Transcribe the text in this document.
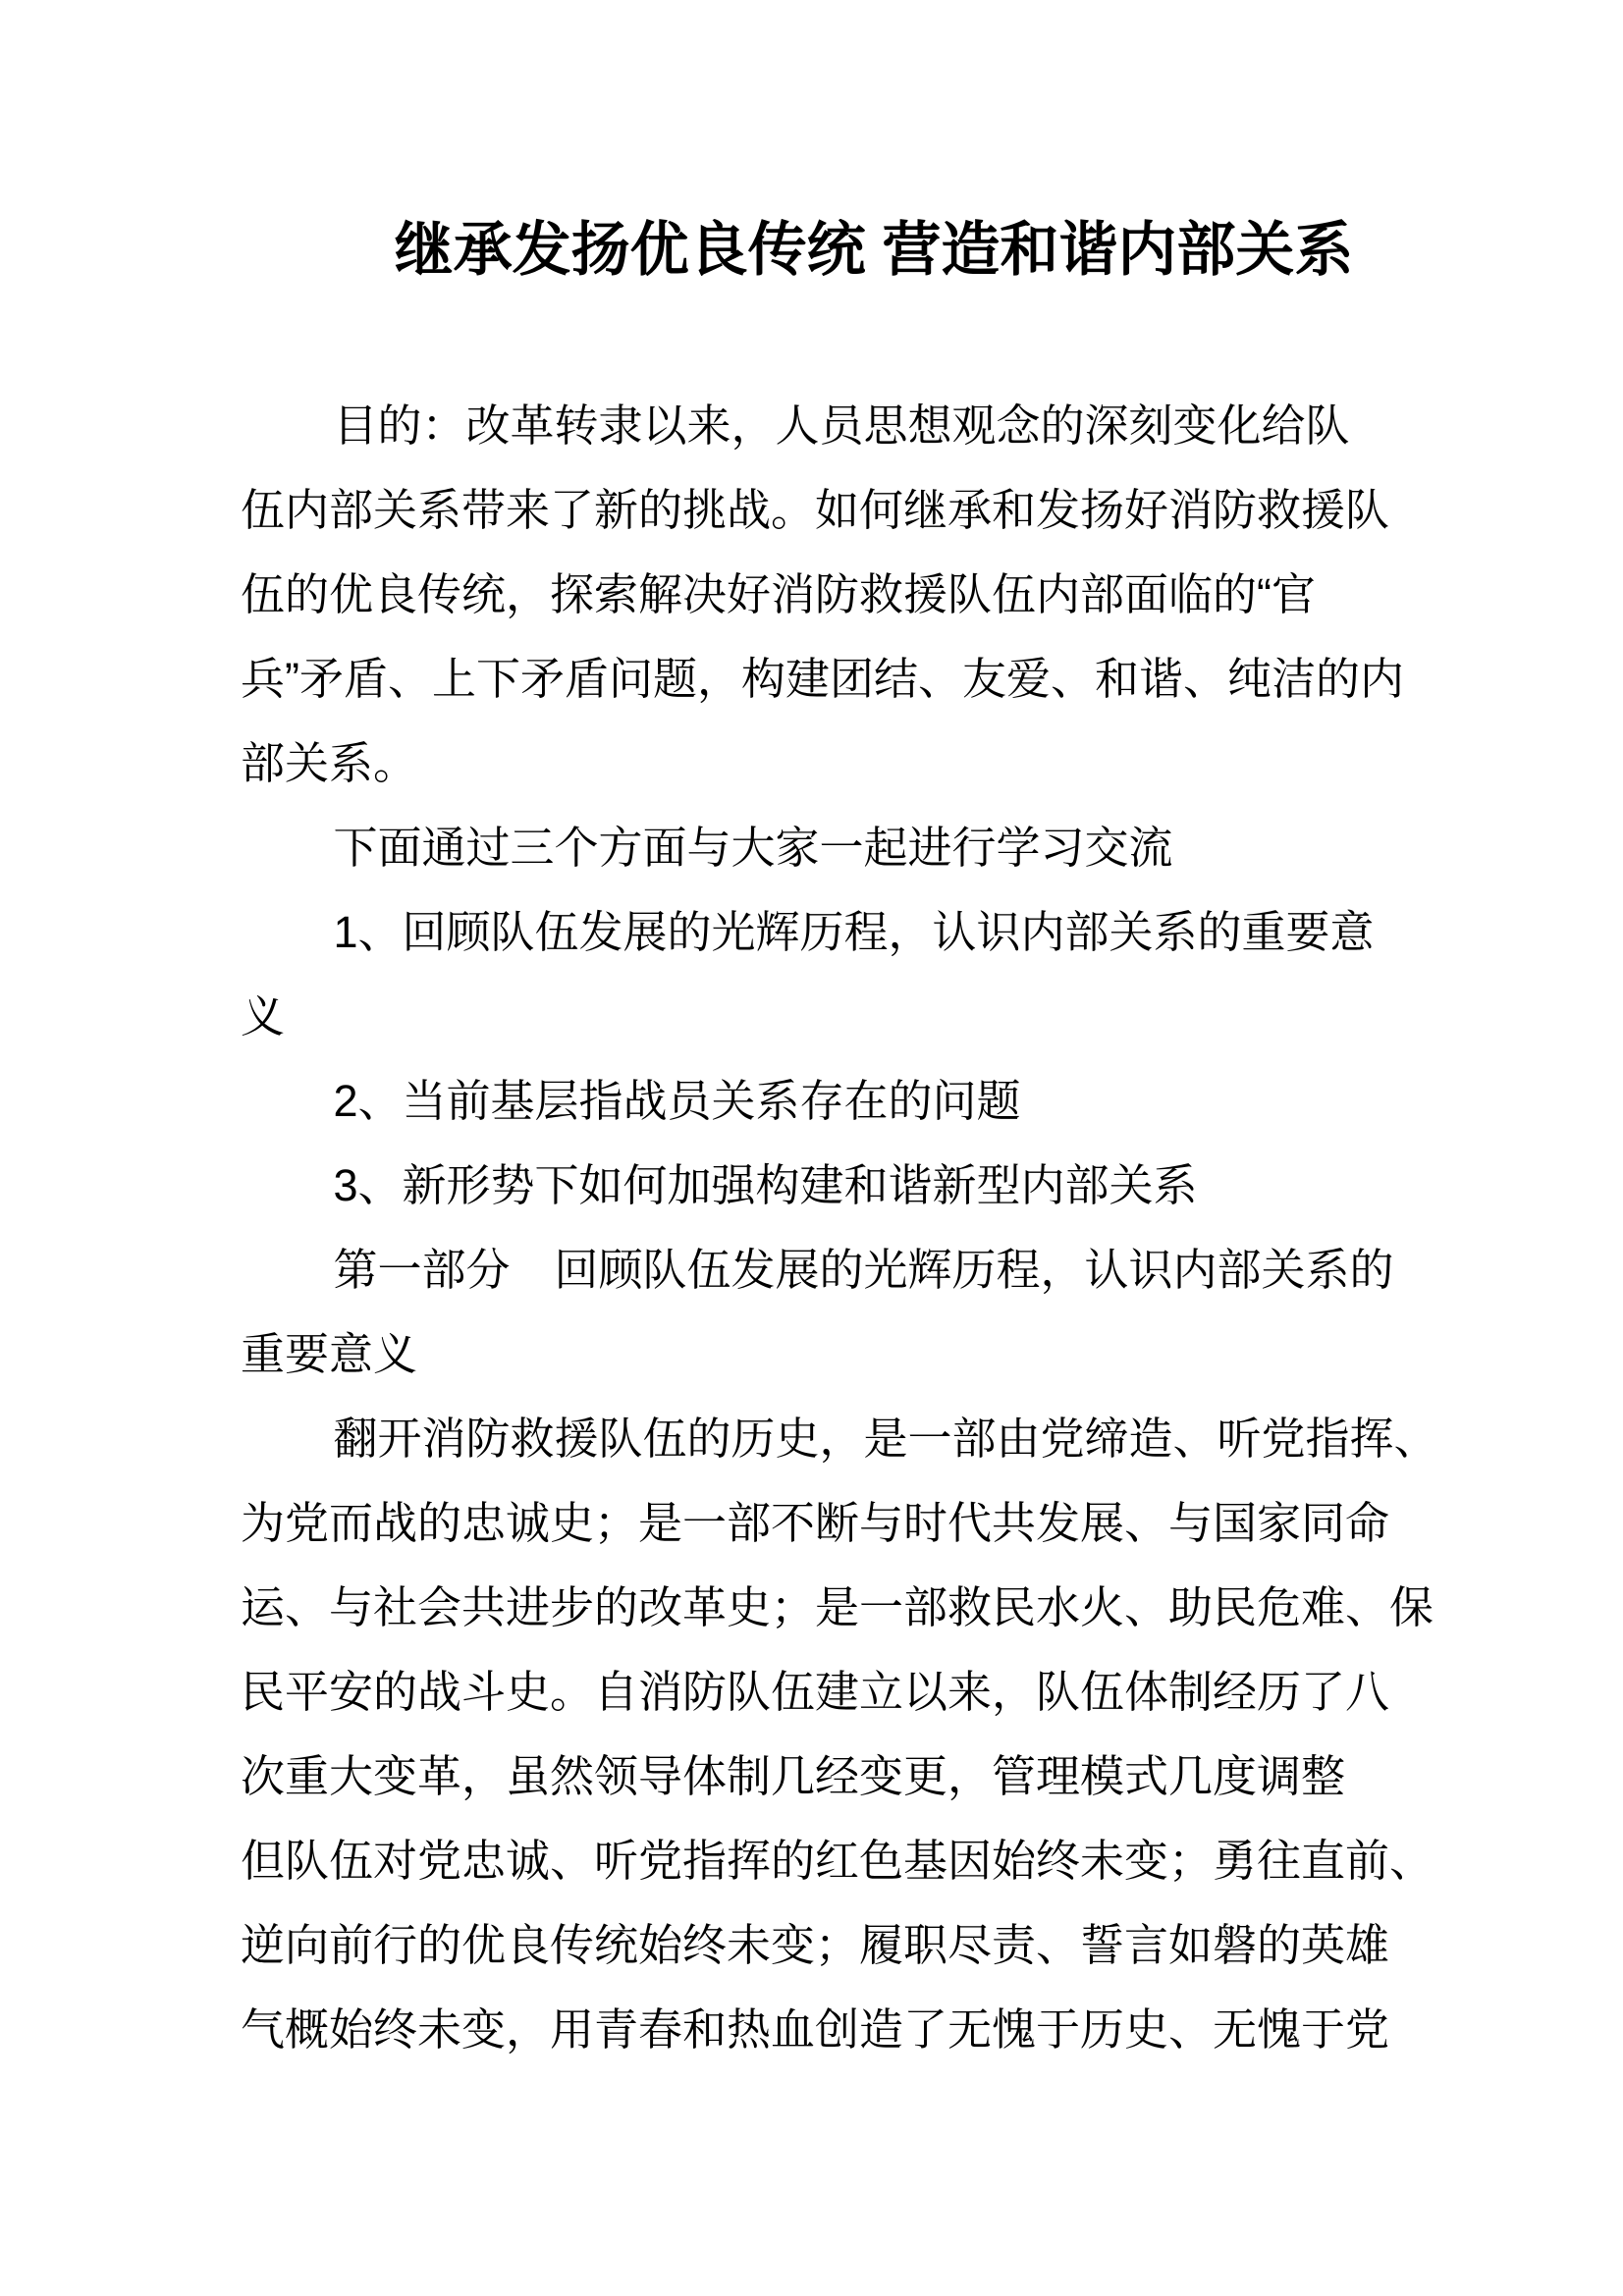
继承发扬优良传统 营造和谐内部关系
目的：改革转隶以来，人员思想观念的深刻变化给队
伍内部关系带来了新的挑战。如何继承和发扬好消防救援队
伍的优良传统，探索解决好消防救援队伍内部面临的“官
兵”矛盾、上下矛盾问题，构建团结、友爱、和谐、纯洁的内
部关系。
下面通过三个方面与大家一起进行学习交流
1、回顾队伍发展的光辉历程，认识内部关系的重要意
义
2、当前基层指战员关系存在的问题
3、新形势下如何加强构建和谐新型内部关系
第一部分　回顾队伍发展的光辉历程，认识内部关系的
重要意义
翻开消防救援队伍的历史，是一部由党缔造、听党指挥、
为党而战的忠诚史；是一部不断与时代共发展、与国家同命
运、与社会共进步的改革史；是一部救民水火、助民危难、保
民平安的战斗史。自消防队伍建立以来，队伍体制经历了八
次重大变革，虽然领导体制几经变更，管理模式几度调整
但队伍对党忠诚、听党指挥的红色基因始终未变；勇往直前、
逆向前行的优良传统始终未变；履职尽责、誓言如磐的英雄
气概始终未变，用青春和热血创造了无愧于历史、无愧于党
